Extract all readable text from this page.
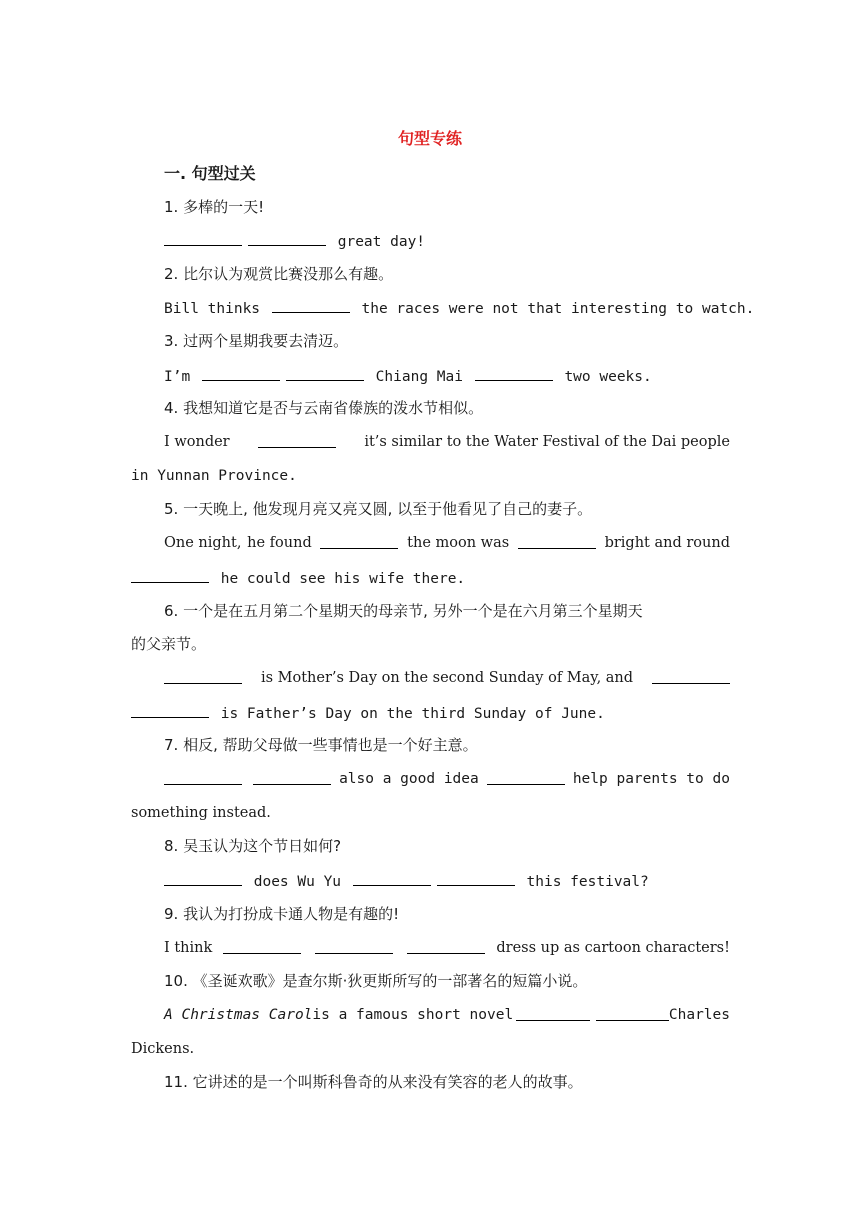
句型专练
一. 句型过关
1. 多棒的一天!
great day!
2. 比尔认为观赏比赛没那么有趣。
Bill thinks	the races were not that interesting to watch.
3. 过两个星期我要去清迈。
I’m	Chiang Mai	two weeks.
4. 我想知道它是否与云南省傣族的泼水节相似。
I wonder	it’s similar to the Water Festival of the Dai people
in Yunnan Province.
5. 一天晚上, 他发现月亮又亮又圆, 以至于他看见了自己的妻子。
One night, he found	the moon was	bright and round
he could see his wife there.
6. 一个是在五月第二个星期天的母亲节, 另外一个是在六月第三个星期天
的父亲节。
is Mother’s Day on the second Sunday of May, and
is Father’s Day on the third Sunday of June.
7. 相反, 帮助父母做一些事情也是一个好主意。
also a good idea	help parents to do
something instead.
8. 吴玉认为这个节日如何?
does Wu Yu	this festival?
9. 我认为打扮成卡通人物是有趣的!
I think	dress up as cartoon characters!
10. 《圣诞欢歌》是查尔斯·狄更斯所写的一部著名的短篇小说。
A Christmas Carol is a famous short novel	Charles
Dickens.
11. 它讲述的是一个叫斯科鲁奇的从来没有笑容的老人的故事。
